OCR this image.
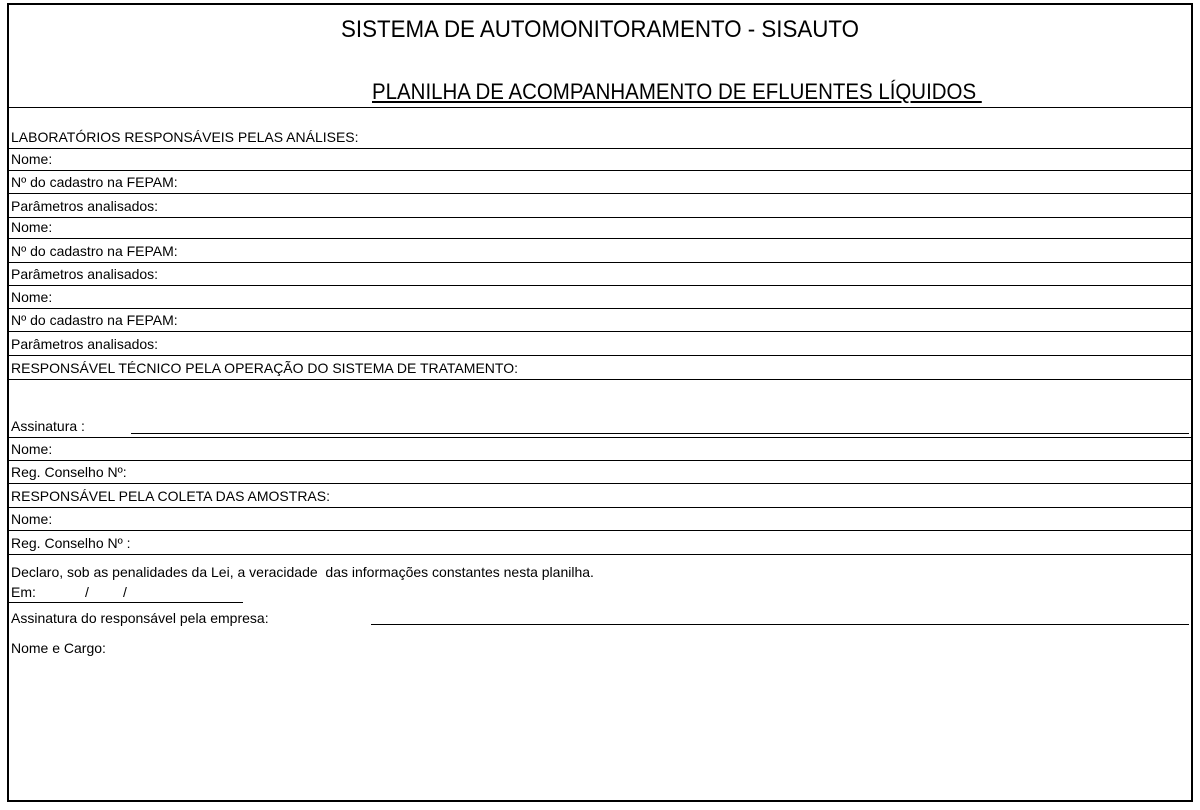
SISTEMA DE AUTOMONITORAMENTO - SISAUTO
PLANILHA DE ACOMPANHAMENTO DE EFLUENTES LÍQUIDOS

LABORATÓRIOS RESPONSÁVEIS PELAS ANÁLISES:

Nome:

Nº do cadastro na FEPAM:

Parâmetros analisados:

Nome:

Nº do cadastro na FEPAM:

Parâmetros analisados:

Nome:

Nº do cadastro na FEPAM:

Parâmetros analisados:

RESPONSÁVEL TÉCNICO PELA OPERAÇÃO DO SISTEMA DE TRATAMENTO:

Assinatura :

Nome:

Reg. Conselho Nº:

RESPONSÁVEL PELA COLETA DAS AMOSTRAS:

Nome:

Reg. Conselho Nº :

Declaro, sob as penalidades da Lei, a veracidade  das informações constantes nesta planilha.

Em:

	/

/

Assinatura do responsável pela empresa:

Nome e Cargo:
